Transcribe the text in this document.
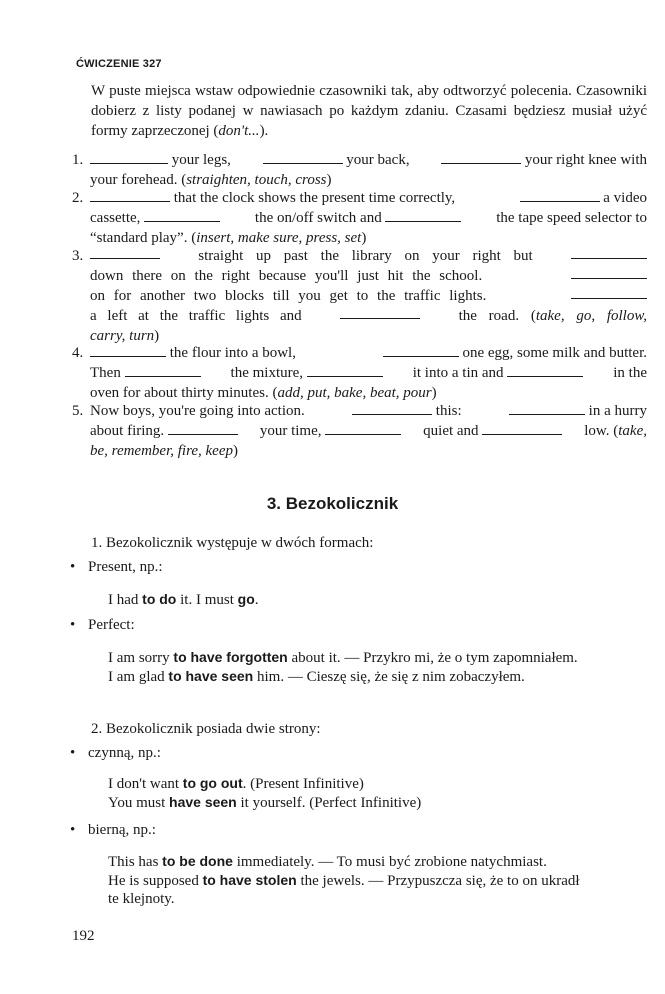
ĆWICZENIE 327
W puste miejsca wstaw odpowiednie czasowniki tak, aby odtworzyć polecenia. Czasowniki dobierz z listy podanej w nawiasach po każdym zdaniu. Czasami będziesz musiał użyć formy zaprzeczonej (don't...).
1.	your legs,	your back,	your right knee with
your forehead. (straighten, touch, cross)
2.	that the clock shows the present time correctly,	a video
cassette,	the on/off switch and	the tape speed selector to
“standard play”. (insert, make sure, press, set)
3.	straight up past the library on your right but
down there on the right because you'll just hit the school.
on for another two blocks till you get to the traffic lights.
a left at the traffic lights and	the road. (take, go, follow,
carry, turn)
4.	the flour into a bowl,	one egg, some milk and butter.
Then	the mixture,	it into a tin and	in the
oven for about thirty minutes. (add, put, bake, beat, pour)
5. Now boys, you're going into action.	this:	in a hurry
about firing.	your time,	quiet and	low. (take,
be, remember, fire, keep)
3. Bezokolicznik
1. Bezokolicznik występuje w dwóch formach:
• Present, np.:
I had to do it. I must go.
• Perfect:
I am sorry to have forgotten about it. — Przykro mi, że o tym zapomniałem.
I am glad to have seen him. — Cieszę się, że się z nim zobaczyłem.
2. Bezokolicznik posiada dwie strony:
• czynną, np.:
I don't want to go out. (Present Infinitive)
You must have seen it yourself. (Perfect Infinitive)
• bierną, np.:
This has to be done immediately. — To musi być zrobione natychmiast.
He is supposed to have stolen the jewels. — Przypuszcza się, że to on ukradł
te klejnoty.
192
